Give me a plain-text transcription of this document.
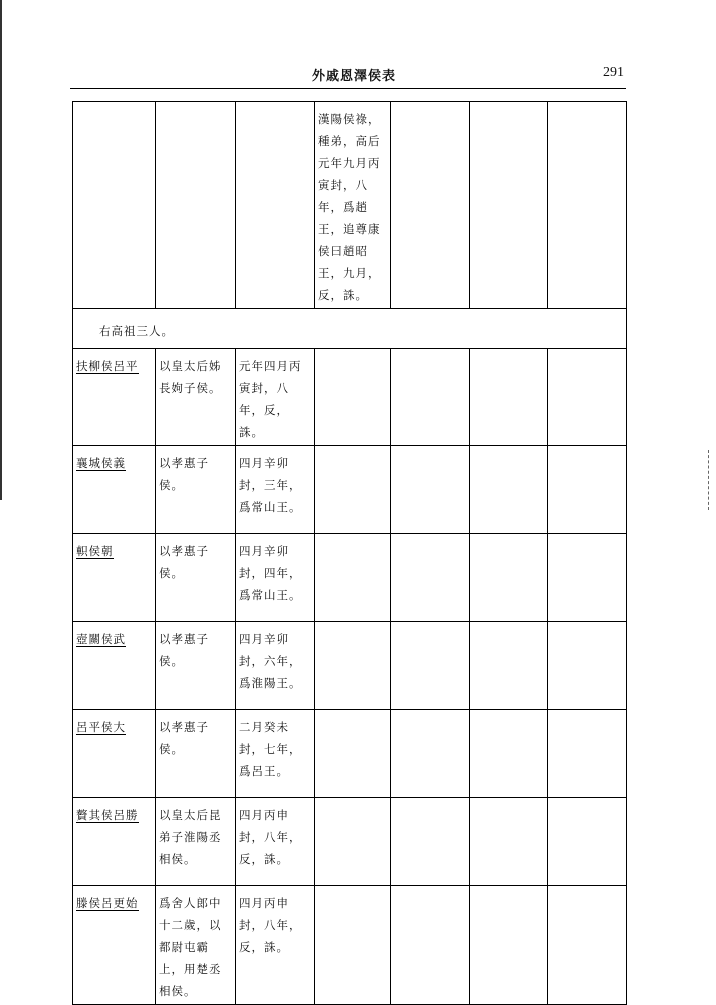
外戚恩澤侯表	291
			漢陽侯祿，種弟，高后元年九月丙寅封，八年，爲趙王，追尊康侯曰趙昭王，九月，反，誅。			
右高祖三人。						
扶柳侯呂平	以皇太后姊長姁子侯。	元年四月丙寅封，八年，反，誅。				
襄城侯義	以孝惠子侯。	四月辛卯封，三年，爲常山王。				
軹侯朝	以孝惠子侯。	四月辛卯封，四年，爲常山王。				
壺關侯武	以孝惠子侯。	四月辛卯封，六年，爲淮陽王。				
呂平侯大	以孝惠子侯。	二月癸未封，七年，爲呂王。				
贅其侯呂勝	以皇太后昆弟子淮陽丞相侯。	四月丙申封，八年，反，誅。				
滕侯呂更始	爲舍人郎中十二歲，以都尉屯霸上，用楚丞相侯。	四月丙申封，八年，反，誅。				
